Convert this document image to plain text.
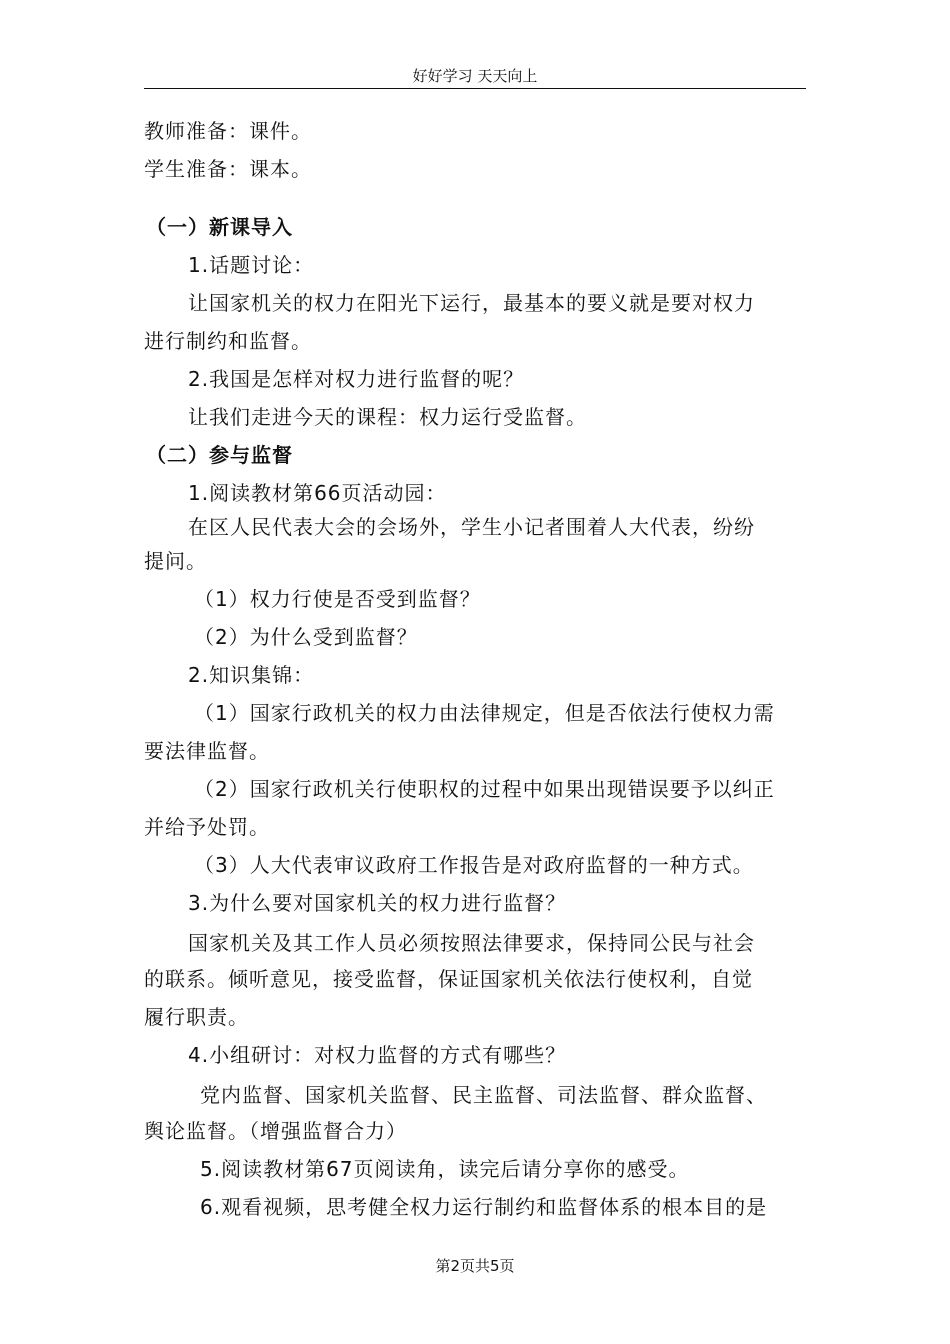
好好学习 天天向上
教师准备：课件。
学生准备：课本。
（一）新课导入
1.话题讨论：
让国家机关的权力在阳光下运行，最基本的要义就是要对权力
进行制约和监督。
2.我国是怎样对权力进行监督的呢？
让我们走进今天的课程：权力运行受监督。
（二）参与监督
1.阅读教材第66页活动园：
在区人民代表大会的会场外，学生小记者围着人大代表，纷纷
提问。
（1）权力行使是否受到监督？
（2）为什么受到监督？
2.知识集锦：
（1）国家行政机关的权力由法律规定，但是否依法行使权力需
要法律监督。
（2）国家行政机关行使职权的过程中如果出现错误要予以纠正
并给予处罚。
（3）人大代表审议政府工作报告是对政府监督的一种方式。
3.为什么要对国家机关的权力进行监督？
国家机关及其工作人员必须按照法律要求，保持同公民与社会
的联系。倾听意见，接受监督，保证国家机关依法行使权利，自觉
履行职责。
4.小组研讨：对权力监督的方式有哪些？
党内监督、国家机关监督、民主监督、司法监督、群众监督、
舆论监督。（增强监督合力）
5.阅读教材第67页阅读角，读完后请分享你的感受。
6.观看视频，思考健全权力运行制约和监督体系的根本目的是
第2页共5页
